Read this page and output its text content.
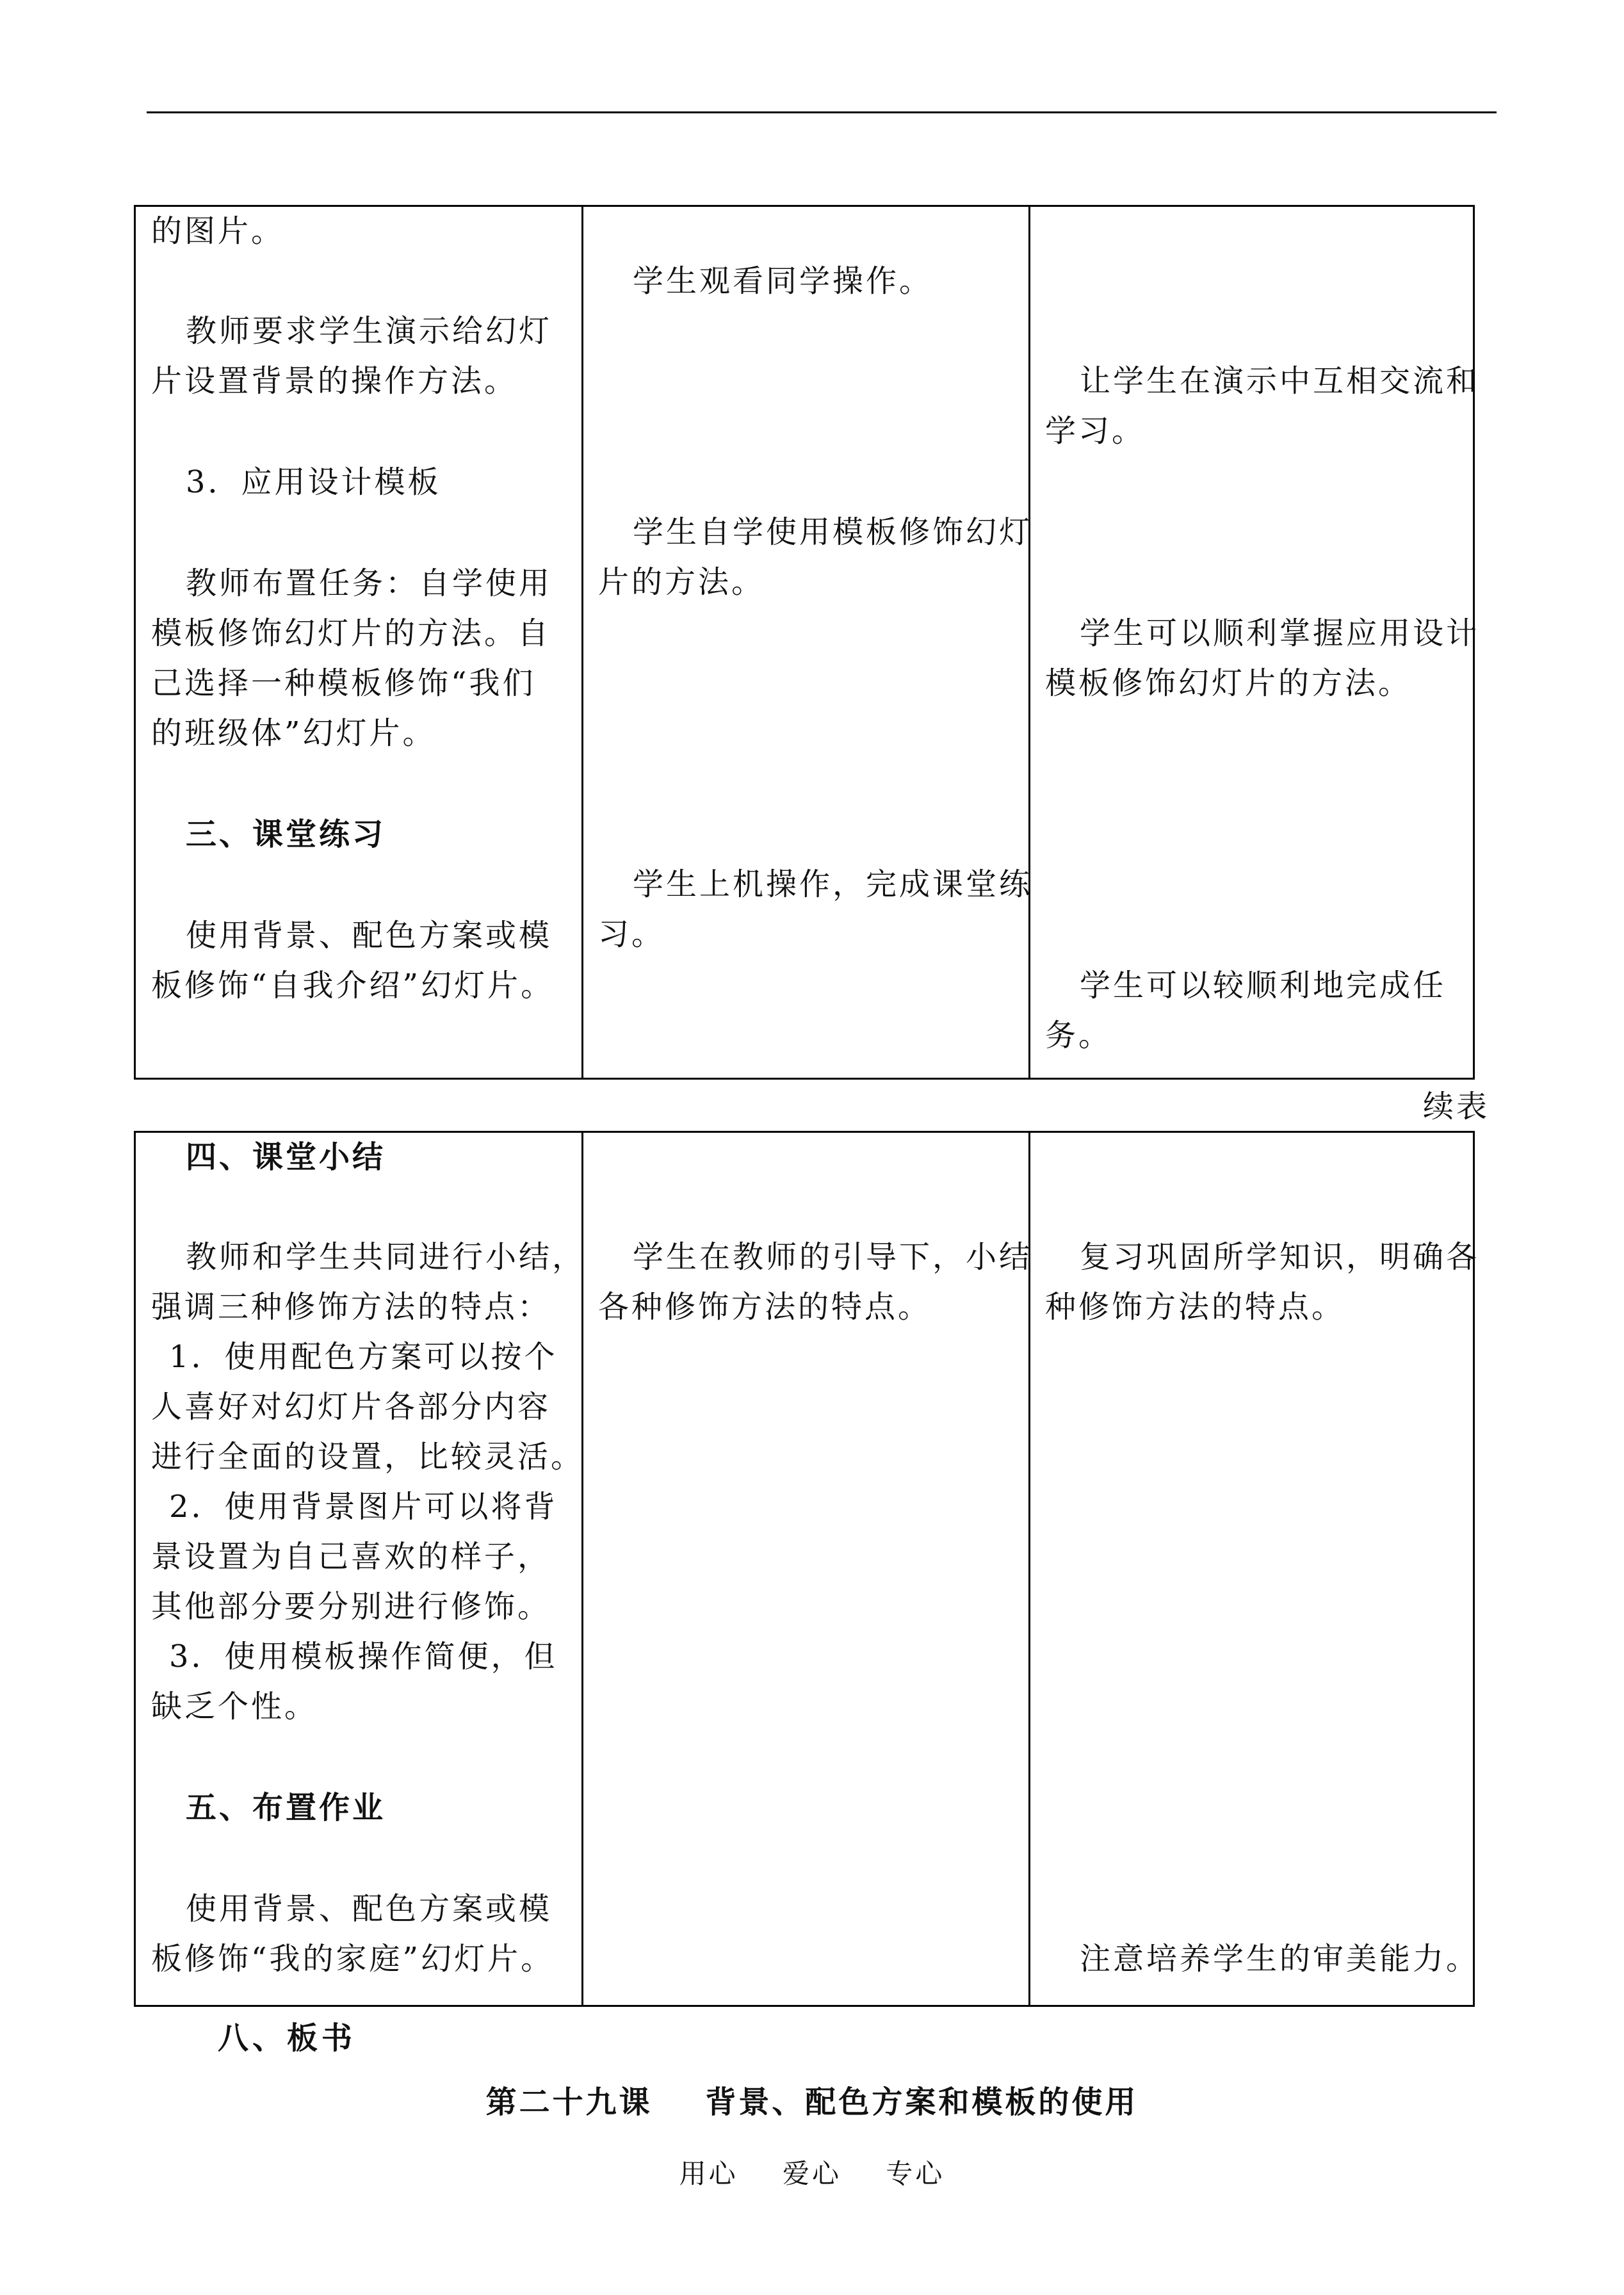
的图片。
教师要求学生演示给幻灯
片设置背景的操作方法。
3．应用设计模板
教师布置任务：自学使用
模板修饰幻灯片的方法。自
己选择一种模板修饰“我们
的班级体”幻灯片。
三、课堂练习
使用背景、配色方案或模
板修饰“自我介绍”幻灯片。
学生观看同学操作。
学生自学使用模板修饰幻灯
片的方法。
学生上机操作，完成课堂练
习。
让学生在演示中互相交流和
学习。
学生可以顺利掌握应用设计
模板修饰幻灯片的方法。
学生可以较顺利地完成任
务。
续表
四、课堂小结
教师和学生共同进行小结，
强调三种修饰方法的特点：
1．使用配色方案可以按个
人喜好对幻灯片各部分内容
进行全面的设置，比较灵活。
2．使用背景图片可以将背
景设置为自己喜欢的样子，
其他部分要分别进行修饰。
3．使用模板操作简便，但
缺乏个性。
五、布置作业
使用背景、配色方案或模
板修饰“我的家庭”幻灯片。
学生在教师的引导下，小结
各种修饰方法的特点。
复习巩固所学知识，明确各
种修饰方法的特点。
注意培养学生的审美能力。
八、板书
第二十九课    背景、配色方案和模板的使用
用心    爱心    专心
